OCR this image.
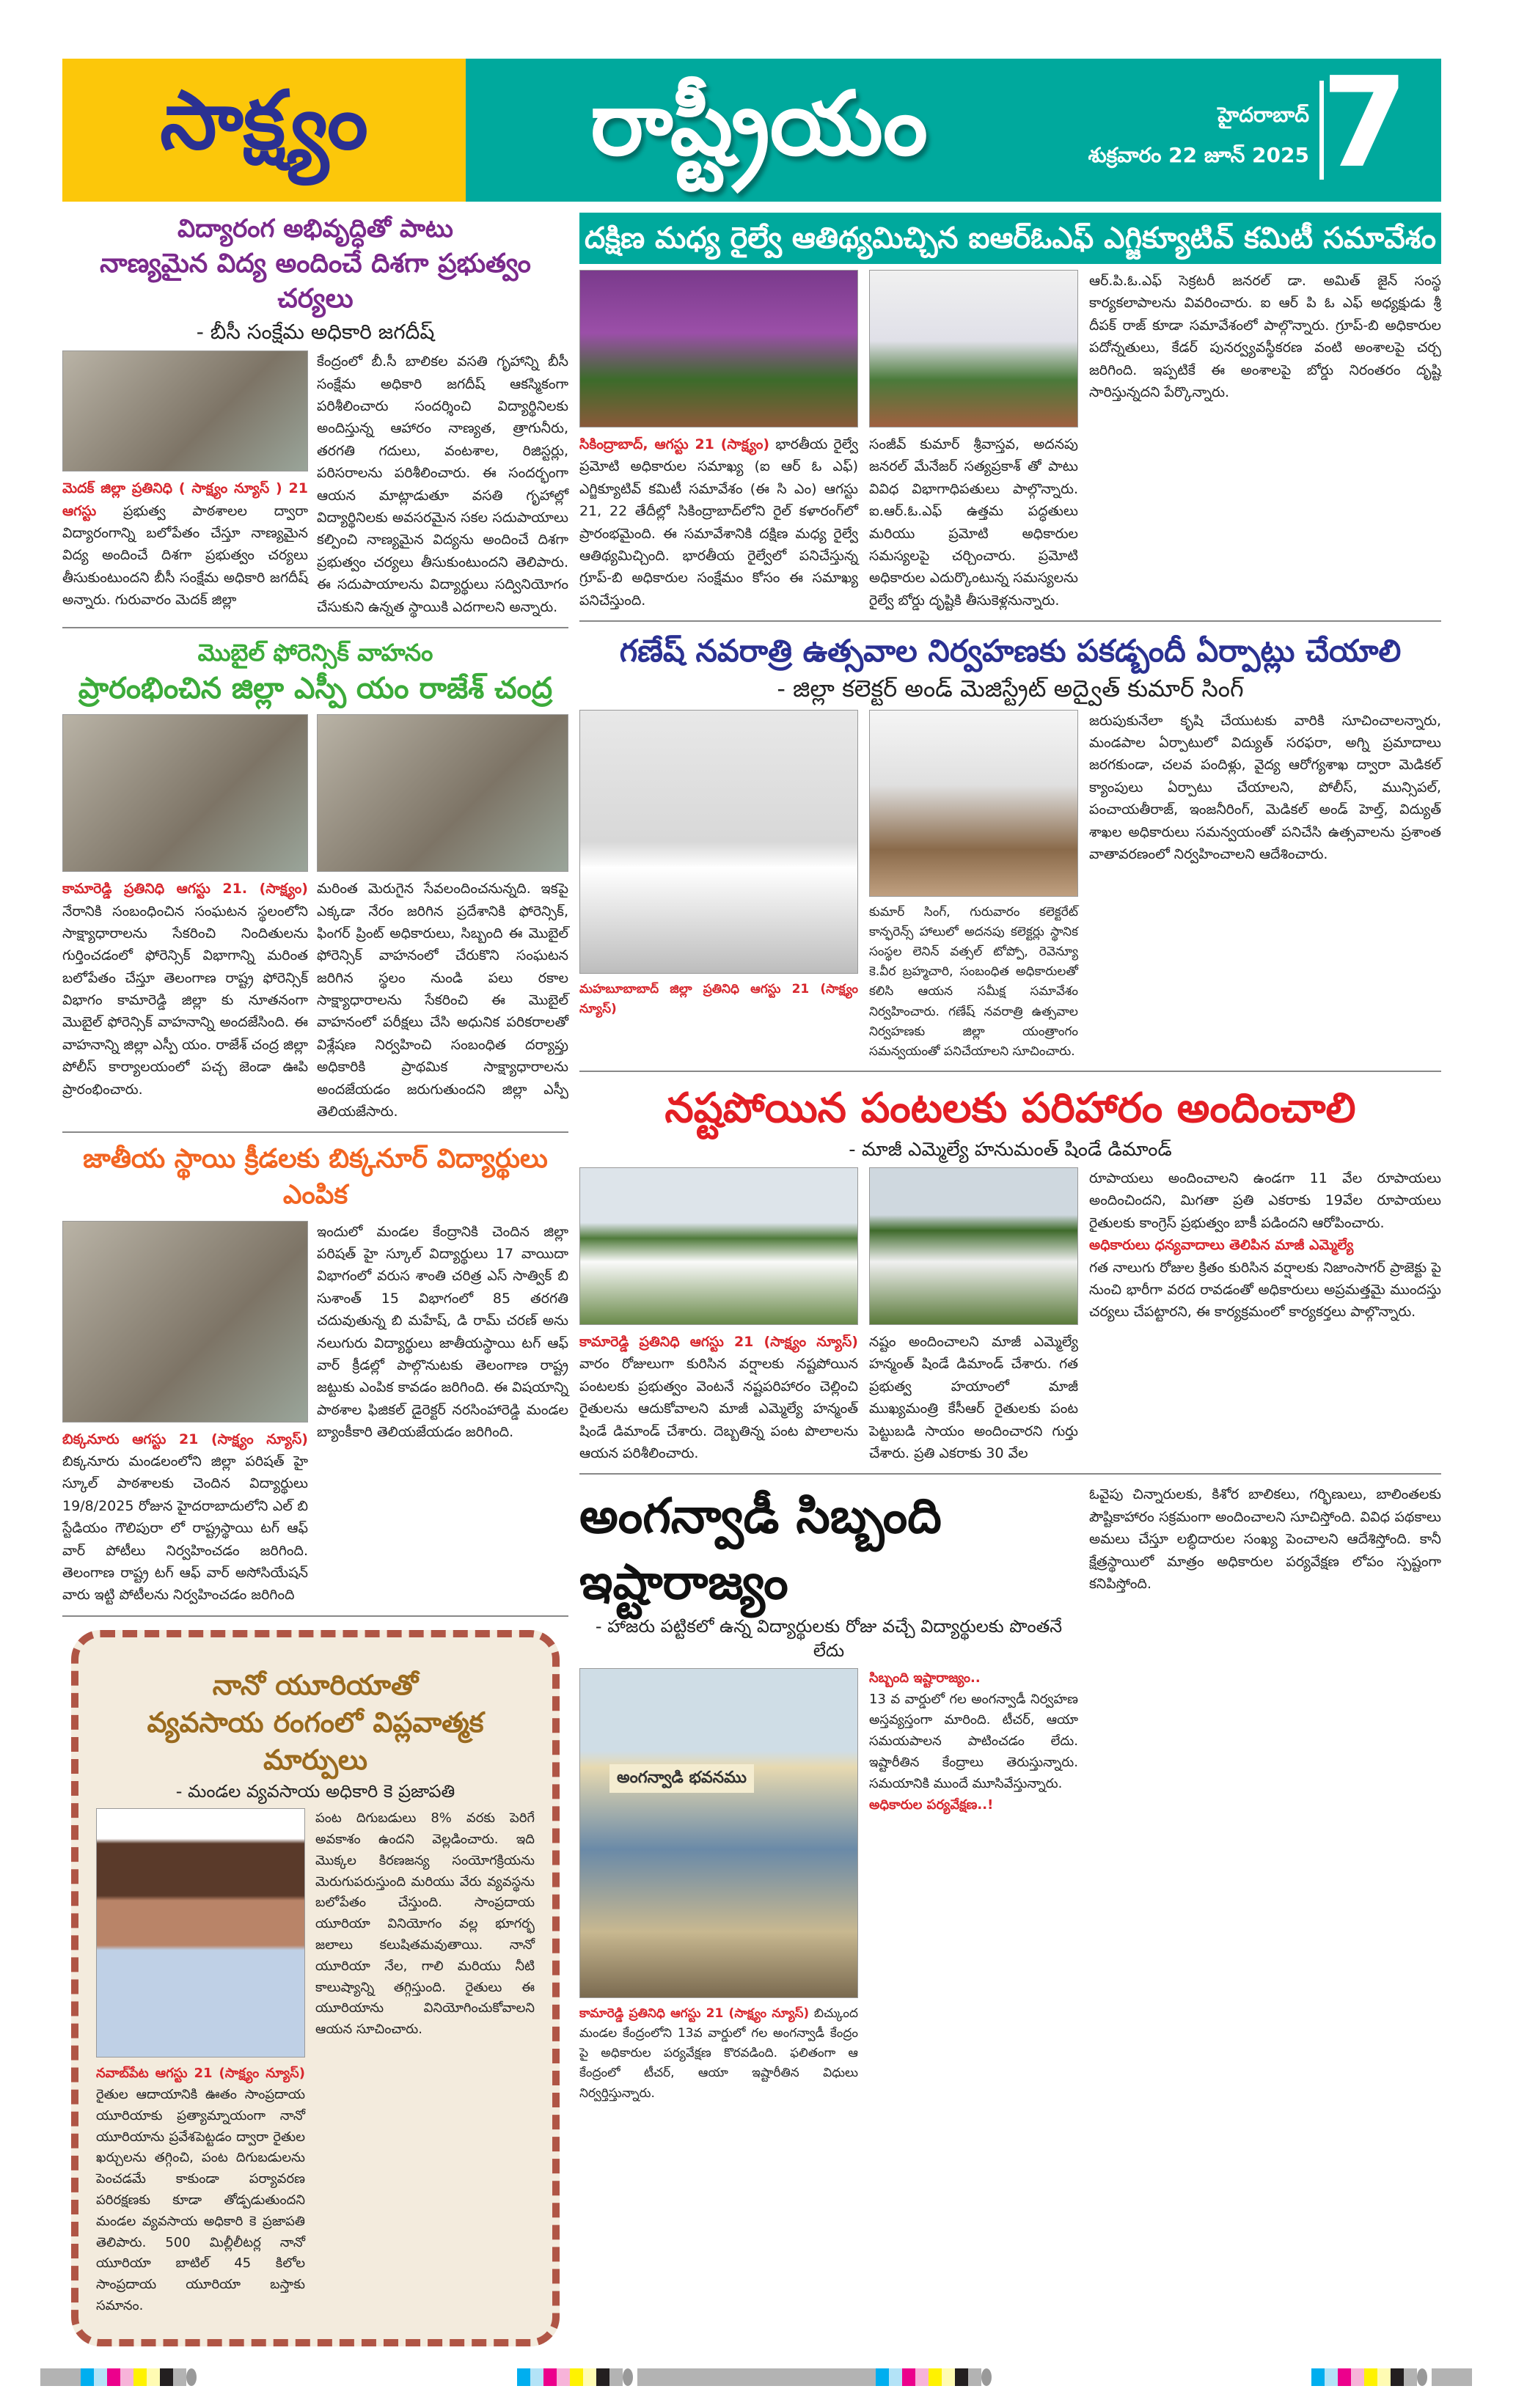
సాక్ష్యం	రాష్ట్రీయం	హైదరాబాద్
శుక్రవారం 22 జూన్ 2025 7
విద్యారంగ అభివృద్ధితో పాటు
నాణ్యమైన విద్య అందించే దిశగా ప్రభుత్వం చర్యలు
- బీసీ సంక్షేమ అధికారి జగదీష్
మెదక్ జిల్లా ప్రతినిధి ( సాక్ష్యం న్యూస్ ) 21 ఆగస్టు ప్రభుత్వ పాఠశాలల ద్వారా విద్యారంగాన్ని బలోపేతం చేస్తూ నాణ్యమైన విద్య అందించే దిశగా ప్రభుత్వం చర్యలు తీసుకుంటుందని బీసీ సంక్షేమ అధికారి జగదీష్ అన్నారు. గురువారం మెదక్ జిల్లా
కేంద్రంలో బీ.సీ బాలికల వసతి గృహాన్ని బీసీ సంక్షేమ అధికారి జగదీష్ ఆకస్మికంగా పరిశీలించారు సందర్శించి విద్యార్థినిలకు అందిస్తున్న ఆహారం నాణ్యత, త్రాగునీరు, తరగతి గదులు, వంటశాల, రిజిస్టర్లు, పరిసరాలను పరిశీలించారు. ఈ సందర్భంగా ఆయన మాట్లాడుతూ వసతి గృహాల్లో విద్యార్థినిలకు అవసరమైన సకల సదుపాయాలు కల్పించి నాణ్యమైన విద్యను అందించే దిశగా ప్రభుత్వం చర్యలు తీసుకుంటుందని తెలిపారు. ఈ సదుపాయాలను విద్యార్థులు సద్వినియోగం చేసుకుని ఉన్నత స్థాయికి ఎదగాలని అన్నారు.
మొబైల్ ఫోరెన్సిక్ వాహనం
ప్రారంభించిన జిల్లా ఎస్పీ యం రాజేశ్ చంద్ర
కామారెడ్డి ప్రతినిధి ఆగస్టు 21. (సాక్ష్యం) నేరానికి సంబంధించిన సంఘటన స్థలంలోని సాక్ష్యాధారాలను సేకరించి నిందితులను గుర్తించడంలో ఫోరెన్సిక్ విభాగాన్ని మరింత బలోపేతం చేస్తూ తెలంగాణ రాష్ట్ర ఫోరెన్సిక్ విభాగం కామారెడ్డి జిల్లా కు నూతనంగా మొబైల్ ఫోరెన్సిక్ వాహనాన్ని అందజేసింది. ఈ వాహనాన్ని జిల్లా ఎస్పీ యం. రాజేశ్ చంద్ర జిల్లా పోలీస్ కార్యాలయంలో పచ్చ జెండా ఊపి ప్రారంభించారు.
మరింత మెరుగైన సేవలందించనున్నది. ఇకపై ఎక్కడా నేరం జరిగిన ప్రదేశానికి ఫోరెన్సిక్, ఫింగర్ ప్రింట్ అధికారులు, సిబ్బంది ఈ మొబైల్ ఫోరెన్సిక్ వాహనంలో చేరుకొని సంఘటన జరిగిన స్థలం నుండి పలు రకాల సాక్ష్యాధారాలను సేకరించి ఈ మొబైల్ వాహనంలో పరీక్షలు చేసి అధునిక పరికరాలతో విశ్లేషణ నిర్వహించి సంబంధిత దర్యాప్తు అధికారికి ప్రాథమిక సాక్ష్యాధారాలను అందజేయడం జరుగుతుందని జిల్లా ఎస్పీ తెలియజేసారు.
జాతీయ స్థాయి క్రీడలకు బిక్కనూర్ విద్యార్థులు ఎంపిక
బిక్కనూరు ఆగస్టు 21 (సాక్ష్యం న్యూస్) బిక్కనూరు మండలంలోని జిల్లా పరిషత్ హై స్కూల్ పాఠశాలకు చెందిన విద్యార్థులు 19/8/2025 రోజున హైదరాబాదులోని ఎల్ బి స్టేడియం గౌలిపురా లో రాష్ట్రస్థాయి టగ్ ఆఫ్ వార్ పోటీలు నిర్వహించడం జరిగింది. తెలంగాణ రాష్ట్ర టగ్ ఆఫ్ వార్ అసోసియేషన్ వారు ఇట్టి పోటీలను నిర్వహించడం జరిగింది
ఇందులో మండల కేంద్రానికి చెందిన జిల్లా పరిషత్ హై స్కూల్ విద్యార్థులు 17 వాయిదా విభాగంలో వరుస శాంతి చరిత్ర ఎస్ సాత్విక్ బి సుశాంత్ 15 విభాగంలో 85 తరగతి చదువుతున్న బి మహేష్, డి రామ్ చరణ్ అను నలుగురు విద్యార్థులు జాతీయస్థాయి టగ్ ఆఫ్ వార్ క్రీడల్లో పాల్గొనుటకు తెలంగాణ రాష్ట్ర జట్టుకు ఎంపిక కావడం జరిగింది. ఈ విషయాన్ని పాఠశాల ఫిజికల్ డైరెక్టర్ నరసింహారెడ్డి మండల బ్యాంకీకారి తెలియజేయడం జరిగింది.
నానో యూరియాతో
వ్యవసాయ రంగంలో విప్లవాత్మక మార్పులు
- మండల వ్యవసాయ అధికారి కె ప్రజాపతి
నవాబ్‌పేట ఆగస్టు 21 (సాక్ష్యం న్యూస్) రైతుల ఆదాయానికి ఊతం సాంప్రదాయ యూరియాకు ప్రత్యామ్నాయంగా నానో యూరియాను ప్రవేశపెట్టడం ద్వారా రైతుల ఖర్చులను తగ్గించి, పంట దిగుబడులను పెంచడమే కాకుండా పర్యావరణ పరిరక్షణకు కూడా తోడ్పడుతుందని మండల వ్యవసాయ అధికారి కె ప్రజాపతి తెలిపారు. 500 మిల్లీలీటర్ల నానో యూరియా బాటిల్ 45 కిలోల సాంప్రదాయ యూరియా బస్తాకు సమానం.
పంట దిగుబడులు 8% వరకు పెరిగే అవకాశం ఉందని వెల్లడించారు. ఇది మొక్కల కిరణజన్య సంయోగక్రియను మెరుగుపరుస్తుంది మరియు వేరు వ్యవస్థను బలోపేతం చేస్తుంది. సాంప్రదాయ యూరియా వినియోగం వల్ల భూగర్భ జలాలు కలుషితమవుతాయి. నానో యూరియా నేల, గాలి మరియు నీటి కాలుష్యాన్ని తగ్గిస్తుంది. రైతులు ఈ యూరియాను వినియోగించుకోవాలని ఆయన సూచించారు.
దక్షిణ మధ్య రైల్వే ఆతిథ్యమిచ్చిన ఐఆర్‌ఓఎఫ్ ఎగ్జిక్యూటివ్ కమిటీ సమావేశం
సికింద్రాబాద్, ఆగస్టు 21 (సాక్ష్యం) భారతీయ రైల్వే ప్రమోటి అధికారుల సమాఖ్య (ఐ ఆర్ ఓ ఎఫ్) ఎగ్జిక్యూటివ్ కమిటీ సమావేశం (ఈ సి ఎం) ఆగస్టు 21, 22 తేదీల్లో సికింద్రాబాద్‌లోని రైల్ కళారంగ్‌లో ప్రారంభమైంది. ఈ సమావేశానికి దక్షిణ మధ్య రైల్వే ఆతిథ్యమిచ్చింది. భారతీయ రైల్వేలో పనిచేస్తున్న గ్రూప్-బి అధికారుల సంక్షేమం కోసం ఈ సమాఖ్య పనిచేస్తుంది.
సంజీవ్ కుమార్ శ్రీవాస్తవ, అదనపు జనరల్ మేనేజర్ సత్యప్రకాశ్ తో పాటు వివిధ విభాగాధిపతులు పాల్గొన్నారు. ఐ.ఆర్.ఓ.ఎఫ్ ఉత్తమ పద్ధతులు మరియు ప్రమోటి అధికారుల సమస్యలపై చర్చించారు. ప్రమోటి అధికారుల ఎదుర్కొంటున్న సమస్యలను రైల్వే బోర్డు దృష్టికి తీసుకెళ్లనున్నారు.
ఆర్.పి.ఓ.ఎఫ్ సెక్రటరీ జనరల్ డా. అమిత్ జైన్ సంస్థ కార్యకలాపాలను వివరించారు. ఐ ఆర్ పి ఓ ఎఫ్ అధ్యక్షుడు శ్రీ దీపక్ రాజ్ కూడా సమావేశంలో పాల్గొన్నారు. గ్రూప్-బి అధికారుల పదోన్నతులు, కేడర్ పునర్వ్యవస్థీకరణ వంటి అంశాలపై చర్చ జరిగింది. ఇప్పటికే ఈ అంశాలపై బోర్డు నిరంతరం దృష్టి సారిస్తున్నదని పేర్కొన్నారు.
గణేష్ నవరాత్రి ఉత్సవాల నిర్వహణకు పకడ్బందీ ఏర్పాట్లు చేయాలి
- జిల్లా కలెక్టర్ అండ్ మెజిస్ట్రేట్ అద్వైత్ కుమార్ సింగ్
మహబూబాబాద్ జిల్లా ప్రతినిధి ఆగస్టు 21 (సాక్ష్యం న్యూస్)
కుమార్ సింగ్, గురువారం కలెక్టరేట్ కాన్ఫరెన్స్ హాలులో అదనపు కలెక్టర్లు స్థానిక సంస్థల లెనిన్ వత్సల్ టోప్పో, రెవెన్యూ కె.వీర బ్రహ్మచారి, సంబంధిత అధికారులతో కలిసి ఆయన సమీక్ష సమావేశం నిర్వహించారు. గణేష్ నవరాత్రి ఉత్సవాల నిర్వహణకు జిల్లా యంత్రాంగం సమన్వయంతో పనిచేయాలని సూచించారు.
జరుపుకునేలా కృషి చేయుటకు వారికి సూచించాలన్నారు, మండపాల ఏర్పాటులో విద్యుత్ సరఫరా, అగ్ని ప్రమాదాలు జరగకుండా, చలవ పందిళ్లు, వైద్య ఆరోగ్యశాఖ ద్వారా మెడికల్ క్యాంపులు ఏర్పాటు చేయాలని, పోలీస్, మున్సిపల్, పంచాయతీరాజ్, ఇంజనీరింగ్, మెడికల్ అండ్ హెల్త్, విద్యుత్ శాఖల అధికారులు సమన్వయంతో పనిచేసి ఉత్సవాలను ప్రశాంత వాతావరణంలో నిర్వహించాలని ఆదేశించారు.
నష్టపోయిన పంటలకు పరిహారం అందించాలి
- మాజీ ఎమ్మెల్యే హనుమంత్ షిండే డిమాండ్
కామారెడ్డి ప్రతినిధి ఆగస్టు 21 (సాక్ష్యం న్యూస్) వారం రోజులుగా కురిసిన వర్షాలకు నష్టపోయిన పంటలకు ప్రభుత్వం వెంటనే నష్టపరిహారం చెల్లించి రైతులను ఆదుకోవాలని మాజీ ఎమ్మెల్యే హన్మంత్ షిండే డిమాండ్ చేశారు. దెబ్బతిన్న పంట పొలాలను ఆయన పరిశీలించారు.
నష్టం అందించాలని మాజీ ఎమ్మెల్యే హన్మంత్ షిండే డిమాండ్ చేశారు. గత ప్రభుత్వ హయాంలో మాజీ ముఖ్యమంత్రి కేసీఆర్ రైతులకు పంట పెట్టుబడి సాయం అందించారని గుర్తు చేశారు. ప్రతి ఎకరాకు 30 వేల
రూపాయలు అందించాలని ఉండగా 11 వేల రూపాయలు అందించిందని, మిగతా ప్రతి ఎకరాకు 19వేల రూపాయలు రైతులకు కాంగ్రెస్ ప్రభుత్వం బాకీ పడిందని ఆరోపించారు.
అధికారులు ధన్యవాదాలు తెలిపిన మాజీ ఎమ్మెల్యే
గత నాలుగు రోజుల క్రితం కురిసిన వర్షాలకు నిజాంసాగర్ ప్రాజెక్టు పై నుంచి భారీగా వరద రావడంతో అధికారులు అప్రమత్తమై ముందస్తు చర్యలు చేపట్టారని, ఈ కార్యక్రమంలో కార్యకర్తలు పాల్గొన్నారు.
అంగన్వాడీ సిబ్బంది ఇష్టారాజ్యం
- హాజరు పట్టికలో ఉన్న విద్యార్థులకు రోజు వచ్చే విద్యార్థులకు పొంతనే లేదు
అంగన్వాడి భవనము
కామారెడ్డి ప్రతినిధి ఆగస్టు 21 (సాక్ష్యం న్యూస్) బిచ్కుంద మండల కేంద్రంలోని 13వ వార్డులో గల అంగన్వాడీ కేంద్రం పై అధికారుల పర్యవేక్షణ కొరవడింది. ఫలితంగా ఆ కేంద్రంలో టీచర్, ఆయా ఇష్టారీతిన విధులు నిర్వర్తిస్తున్నారు.
సిబ్బంది ఇష్టారాజ్యం..
13 వ వార్డులో గల అంగన్వాడీ నిర్వహణ అస్తవ్యస్తంగా మారింది. టీచర్, ఆయా సమయపాలన పాటించడం లేదు. ఇష్టారీతిన కేంద్రాలు తెరుస్తున్నారు. సమయానికి ముందే మూసివేస్తున్నారు.
అధికారుల పర్యవేక్షణ..!
ఓవైపు చిన్నారులకు, కిశోర బాలికలు, గర్భిణులు, బాలింతలకు పౌష్టికాహారం సక్రమంగా అందించాలని సూచిస్తోంది. వివిధ పథకాలు అమలు చేస్తూ లబ్ధిదారుల సంఖ్య పెంచాలని ఆదేశిస్తోంది. కానీ క్షేత్రస్థాయిలో మాత్రం అధికారుల పర్యవేక్షణ లోపం స్పష్టంగా కనిపిస్తోంది.
